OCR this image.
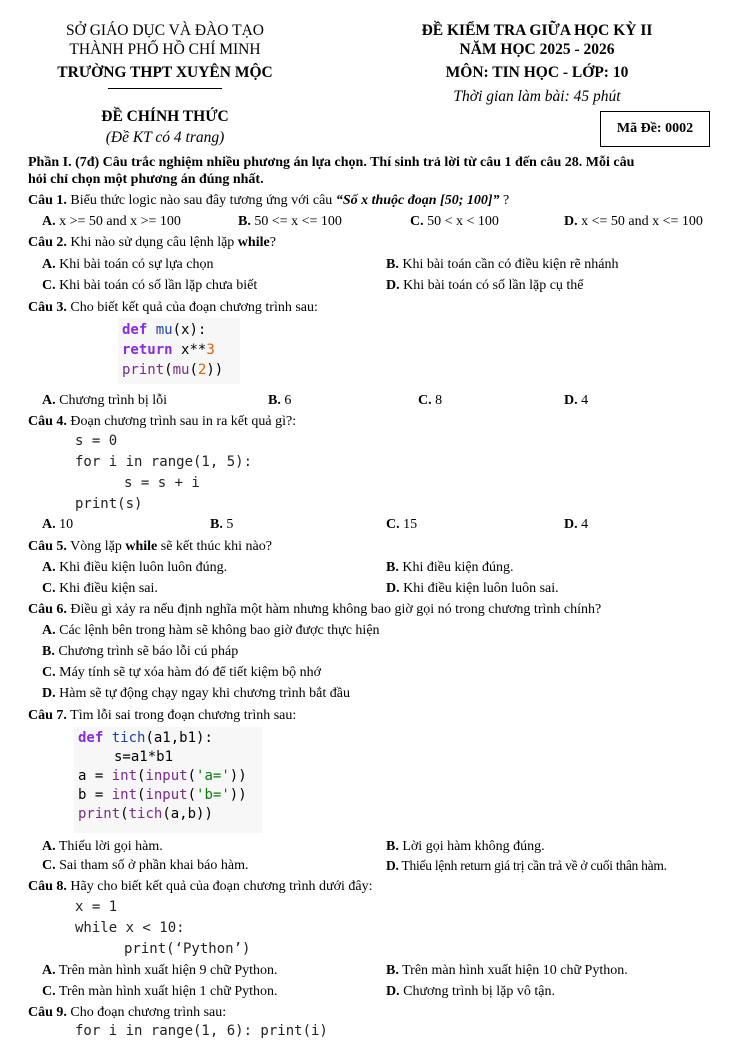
SỞ GIÁO DỤC VÀ ĐÀO TẠO
THÀNH PHỐ HỒ CHÍ MINH
TRƯỜNG THPT XUYÊN MỘC
ĐỀ KIỂM TRA GIỮA HỌC KỲ II
NĂM HỌC 2025 - 2026
MÔN: TIN HỌC - LỚP: 10
Thời gian làm bài: 45 phút
ĐỀ CHÍNH THỨC
(Đề KT có 4 trang)
Mã Đề: 0002
Phần I. (7đ) Câu trắc nghiệm nhiều phương án lựa chọn. Thí sinh trả lời từ câu 1 đến câu 28. Mỗi câu
hỏi chỉ chọn một phương án đúng nhất.
Câu 1. Biểu thức logic nào sau đây tương ứng với câu “Số x thuộc đoạn [50; 100]” ?
A. x >= 50 and x >= 100	B. 50 <= x <= 100	C. 50 < x < 100	D. x <= 50 and x <= 100
Câu 2. Khi nào sử dụng câu lệnh lặp while?
A. Khi bài toán có sự lựa chọn	B. Khi bài toán cần có điều kiện rẽ nhánh
C. Khi bài toán có số lần lặp chưa biết	D. Khi bài toán có số lần lặp cụ thể
Câu 3. Cho biết kết quả của đoạn chương trình sau:
def mu(x):
return x**3
print(mu(2))
A. Chương trình bị lỗi	B. 6	C. 8	D. 4
Câu 4. Đoạn chương trình sau in ra kết quả gì?:
s = 0
for i in range(1, 5):
s = s + i
print(s)
A. 10	B. 5	C. 15	D. 4
Câu 5. Vòng lặp while sẽ kết thúc khi nào?
A. Khi điều kiện luôn luôn đúng.	B. Khi điều kiện đúng.
C. Khi điều kiện sai.	D. Khi điều kiện luôn luôn sai.
Câu 6. Điều gì xảy ra nếu định nghĩa một hàm nhưng không bao giờ gọi nó trong chương trình chính?
A. Các lệnh bên trong hàm sẽ không bao giờ được thực hiện
B. Chương trình sẽ báo lỗi cú pháp
C. Máy tính sẽ tự xóa hàm đó để tiết kiệm bộ nhớ
D. Hàm sẽ tự động chạy ngay khi chương trình bắt đầu
Câu 7. Tìm lỗi sai trong đoạn chương trình sau:
def tich(a1,b1):
s=a1*b1
a = int(input('a='))
b = int(input('b='))
print(tich(a,b))
A. Thiếu lời gọi hàm.	B. Lời gọi hàm không đúng.
C. Sai tham số ở phần khai báo hàm.	D. Thiếu lệnh return giá trị cần trả về ở cuối thân hàm.
Câu 8. Hãy cho biết kết quả của đoạn chương trình dưới đây:
x = 1
while x < 10:
print(‘Python’)
A. Trên màn hình xuất hiện 9 chữ Python.	B. Trên màn hình xuất hiện 10 chữ Python.
C. Trên màn hình xuất hiện 1 chữ Python.	D. Chương trình bị lặp vô tận.
Câu 9. Cho đoạn chương trình sau:
for i in range(1, 6): print(i)
